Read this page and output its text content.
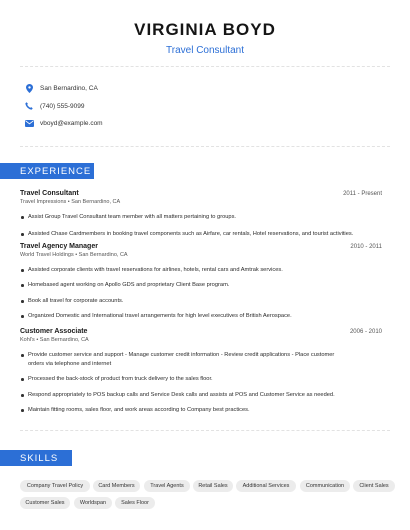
VIRGINIA BOYD
Travel Consultant
San Bernardino, CA
(740) 555-9099
vboyd@example.com
EXPERIENCE
Travel Consultant	2011 - Present
Travel Impressions • San Bernardino, CA
Assist Group Travel Consultant team member with all matters pertaining to groups.
Assisted Chase Cardmembers in booking travel components such as Airfare, car rentals, Hotel reservations, and tourist activities.
Travel Agency Manager	2010 - 2011
World Travel Holdings • San Bernardino, CA
Assisted corporate clients with travel reservations for airlines, hotels, rental cars and Amtrak services.
Homebased agent working on Apollo GDS and proprietary Client Base program.
Book all travel for corporate accounts.
Organized Domestic and International travel arrangements for high level executives of British Aerospace.
Customer Associate	2006 - 2010
Kohl's • San Bernardino, CA
Provide customer service and support - Manage customer credit information - Review credit applications - Place customer orders via telephone and internet
Processed the back-stock of product from truck delivery to the sales floor.
Respond appropriately to POS backup calls and Service Desk calls and assists at POS and Customer Service as needed.
Maintain fitting rooms, sales floor, and work areas according to Company best practices.
SKILLS
Company Travel Policy	Card Members	Travel Agents	Retail Sales	Additional Services	Communication	Client Sales
Customer Sales	Worldspan	Sales Floor
